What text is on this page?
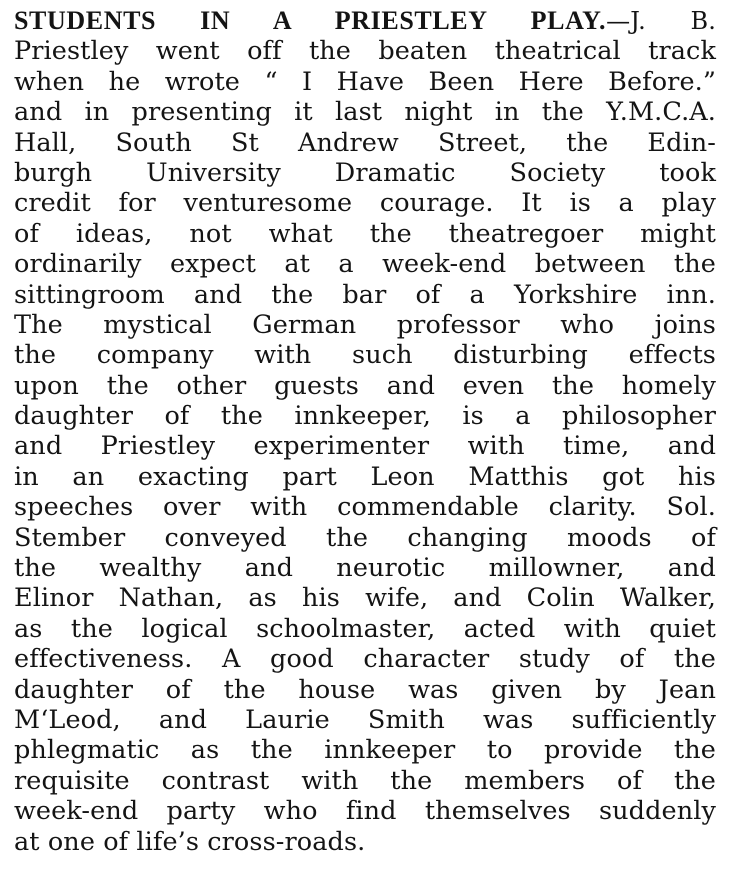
STUDENTS IN A PRIESTLEY PLAY.—J. B.
Priestley went off the beaten theatrical track
when he wrote “ I Have Been Here Before.”
and in presenting it last night in the Y.M.C.A.
Hall, South St Andrew Street, the Edin-
burgh University Dramatic Society took
credit for venturesome courage. It is a play
of ideas, not what the theatregoer might
ordinarily expect at a week-end between the
sittingroom and the bar of a Yorkshire inn.
The mystical German professor who joins
the company with such disturbing effects
upon the other guests and even the homely
daughter of the innkeeper, is a philosopher
and Priestley experimenter with time, and
in an exacting part Leon Matthis got his
speeches over with commendable clarity. Sol.
Stember conveyed the changing moods of
the wealthy and neurotic millowner, and
Elinor Nathan, as his wife, and Colin Walker,
as the logical schoolmaster, acted with quiet
effectiveness. A good character study of the
daughter of the house was given by Jean
M‘Leod, and Laurie Smith was sufficiently
phlegmatic as the innkeeper to provide the
requisite contrast with the members of the
week-end party who find themselves suddenly
at one of life’s cross-roads.
